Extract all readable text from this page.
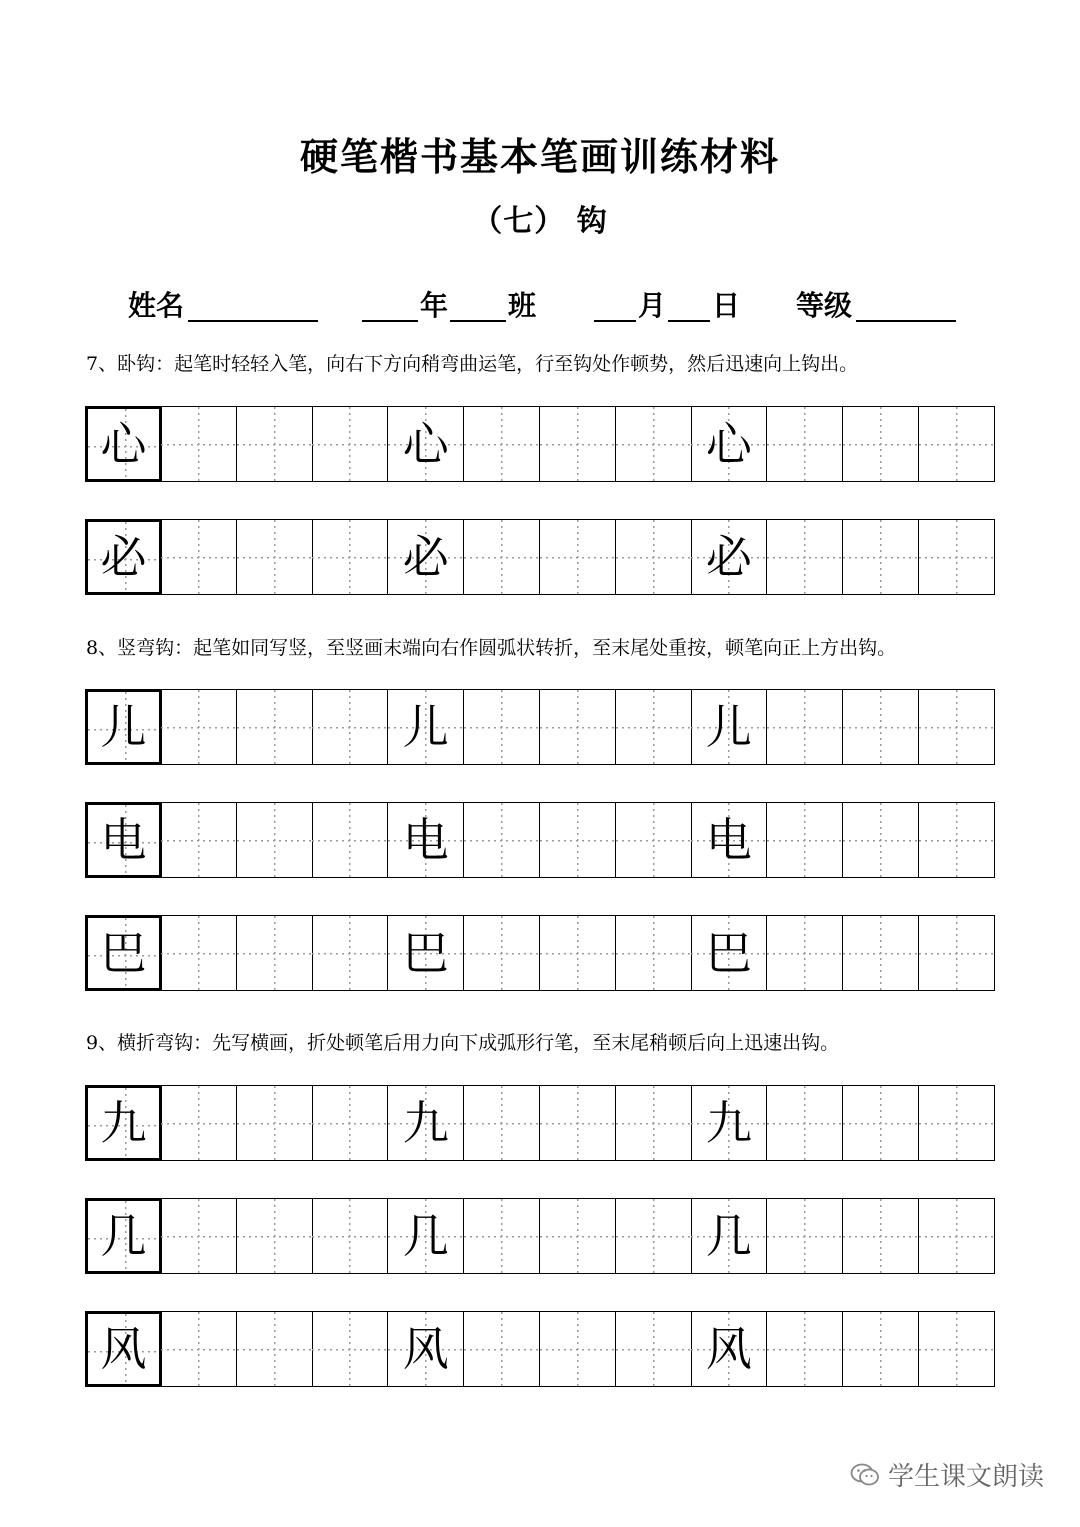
硬笔楷书基本笔画训练材料
（七） 钩
姓名	年 班	月 日 等级
7、卧钩：起笔时轻轻入笔，向右下方向稍弯曲运笔，行至钩处作顿势，然后迅速向上钩出。
心	心	心
必	必	必
8、竖弯钩：起笔如同写竖，至竖画末端向右作圆弧状转折，至末尾处重按，顿笔向正上方出钩。
儿	儿	儿
电	电	电
巴	巴	巴
9、横折弯钩：先写横画，折处顿笔后用力向下成弧形行笔，至末尾稍顿后向上迅速出钩。
九	九	九
几	几	几
风	风	风
学生课文朗读
